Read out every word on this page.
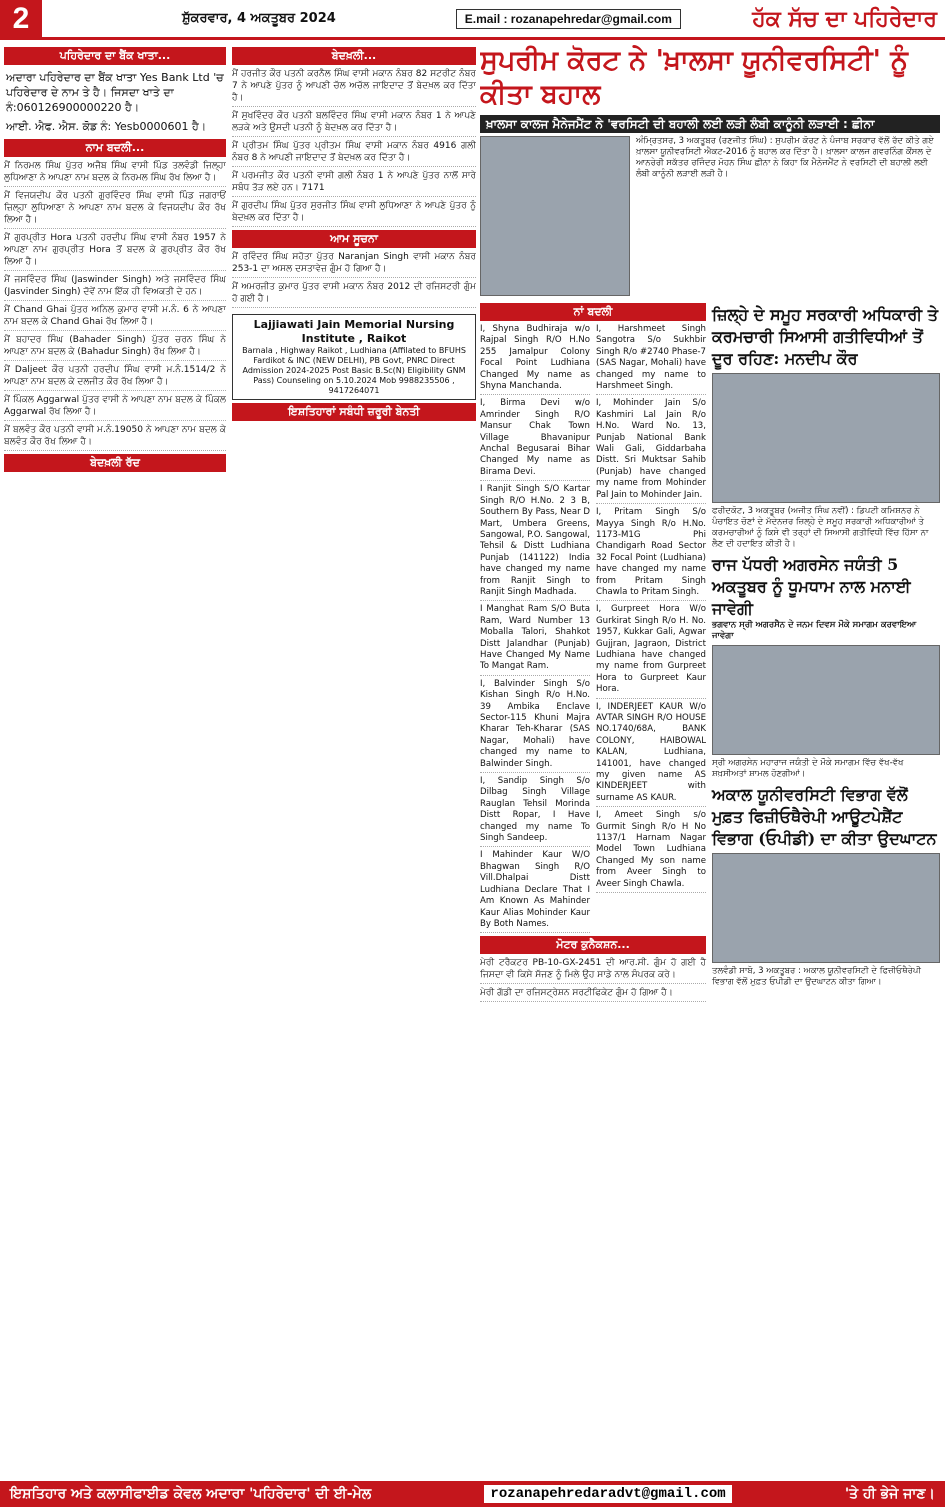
2	ਸ਼ੁੱਕਰਵਾਰ, 4 ਅਕਤੂਬਰ 2024	E.mail : rozanapehredar@gmail.com	ਹੱਕ ਸੱਚ ਦਾ ਪਹਿਰੇਦਾਰ
ਪਹਿਰੇਦਾਰ ਦਾ ਬੈਂਕ ਖਾਤਾ...
ਅਦਾਰਾ ਪਹਿਰੇਦਾਰ ਦਾ ਬੈਂਕ ਖਾਤਾ Yes Bank Ltd 'ਚ ਪਹਿਰੇਦਾਰ ਦੇ ਨਾਮ ਤੇ ਹੈ। ਜਿਸਦਾ ਖਾਤੇ ਦਾ ਨੰ:060126900000220 ਹੈ।
ਆਈ. ਐਫ. ਐਸ. ਕੋਡ ਨੰ: Yesb0000601 ਹੈ।
ਨਾਮ ਬਦਲੀ...
ਮੈਂ ਨਿਰਮਲ ਸਿੰਘ ਪੁੱਤਰ ਅਜੈਬ ਸਿੰਘ ਵਾਸੀ ਪਿੰਡ ਤਲਵੰਡੀ ਜਿਲ੍ਹਾ ਲੁਧਿਆਣਾ ਨੇ ਆਪਣਾ ਨਾਮ ਬਦਲ ਕੇ ਨਿਰਮਲ ਸਿੰਘ ਰੱਖ ਲਿਆ ਹੈ।
ਮੈਂ ਵਿਜਯਦੀਪ ਕੌਰ ਪਤਨੀ ਗੁਰਵਿੰਦਰ ਸਿੰਘ ਵਾਸੀ ਪਿੰਡ ਜਗਰਾਓਂ ਜ਼ਿਲ੍ਹਾ ਲੁਧਿਆਣਾ ਨੇ ਆਪਣਾ ਨਾਮ ਬਦਲ ਕੇ ਵਿਜਯਦੀਪ ਕੌਰ ਰੱਖ ਲਿਆ ਹੈ।
ਮੈਂ ਗੁਰਪ੍ਰੀਤ Hora ਪਤਨੀ ਹਰਦੀਪ ਸਿੰਘ ਵਾਸੀ ਨੰਬਰ 1957 ਨੇ ਆਪਣਾ ਨਾਮ ਗੁਰਪ੍ਰੀਤ Hora ਤੋਂ ਬਦਲ ਕੇ ਗੁਰਪ੍ਰੀਤ ਕੌਰ ਰੱਖ ਲਿਆ ਹੈ।
ਮੈਂ ਜਸਵਿੰਦਰ ਸਿੰਘ (Jaswinder Singh) ਅਤੇ ਜਸਵਿੰਦਰ ਸਿੰਘ (Jasvinder Singh) ਦੋਵੇਂ ਨਾਮ ਇੱਕ ਹੀ ਵਿਅਕਤੀ ਦੇ ਹਨ।
ਮੈਂ Chand Ghai ਪੁੱਤਰ ਅਨਿਲ ਕੁਮਾਰ ਵਾਸੀ ਮ.ਨੰ. 6 ਨੇ ਆਪਣਾ ਨਾਮ ਬਦਲ ਕੇ Chand Ghai ਰੱਖ ਲਿਆ ਹੈ।
ਮੈਂ ਬਹਾਦਰ ਸਿੰਘ (Bahader Singh) ਪੁੱਤਰ ਚਰਨ ਸਿੰਘ ਨੇ ਆਪਣਾ ਨਾਮ ਬਦਲ ਕੇ (Bahadur Singh) ਰੱਖ ਲਿਆ ਹੈ।
ਮੈਂ Daljeet ਕੌਰ ਪਤਨੀ ਹਰਦੀਪ ਸਿੰਘ ਵਾਸੀ ਮ.ਨੰ.1514/2 ਨੇ ਆਪਣਾ ਨਾਮ ਬਦਲ ਕੇ ਦਲਜੀਤ ਕੌਰ ਰੱਖ ਲਿਆ ਹੈ।
ਮੈਂ ਪਿੰਕਲ Aggarwal ਪੁੱਤਰ ਵਾਸੀ ਨੇ ਆਪਣਾ ਨਾਮ ਬਦਲ ਕੇ ਪਿੰਕਲ Aggarwal ਰੱਖ ਲਿਆ ਹੈ।
ਮੈਂ ਬਲਵੰਤ ਕੌਰ ਪਤਨੀ ਵਾਸੀ ਮ.ਨੰ.19050 ਨੇ ਆਪਣਾ ਨਾਮ ਬਦਲ ਕੇ ਬਲਵੰਤ ਕੌਰ ਰੱਖ ਲਿਆ ਹੈ।
ਬੇਦਖ਼ਲੀ ਰੱਦ
ਬੇਦਖ਼ਲੀ...
ਮੈਂ ਹਰਜੀਤ ਕੌਰ ਪਤਨੀ ਕਰਨੈਲ ਸਿੰਘ ਵਾਸੀ ਮਕਾਨ ਨੰਬਰ 82 ਸਟਰੀਟ ਨੰਬਰ 7 ਨੇ ਆਪਣੇ ਪੁੱਤਰ ਨੂੰ ਆਪਣੀ ਚੱਲ ਅਚੱਲ ਜਾਇਦਾਦ ਤੋਂ ਬੇਦਖ਼ਲ ਕਰ ਦਿੱਤਾ ਹੈ।
ਮੈਂ ਸੁਖਵਿੰਦਰ ਕੌਰ ਪਤਨੀ ਬਲਵਿੰਦਰ ਸਿੰਘ ਵਾਸੀ ਮਕਾਨ ਨੰਬਰ 1 ਨੇ ਆਪਣੇ ਲੜਕੇ ਅਤੇ ਉਸਦੀ ਪਤਨੀ ਨੂੰ ਬੇਦਖ਼ਲ ਕਰ ਦਿੱਤਾ ਹੈ।
ਮੈਂ ਪ੍ਰੀਤਮ ਸਿੰਘ ਪੁੱਤਰ ਪ੍ਰੀਤਮ ਸਿੰਘ ਵਾਸੀ ਮਕਾਨ ਨੰਬਰ 4916 ਗਲੀ ਨੰਬਰ 8 ਨੇ ਆਪਣੀ ਜਾਇਦਾਦ ਤੋਂ ਬੇਦਖ਼ਲ ਕਰ ਦਿੱਤਾ ਹੈ।
ਮੈਂ ਪਰਮਜੀਤ ਕੌਰ ਪਤਨੀ ਵਾਸੀ ਗਲੀ ਨੰਬਰ 1 ਨੇ ਆਪਣੇ ਪੁੱਤਰ ਨਾਲੋਂ ਸਾਰੇ ਸਬੰਧ ਤੋੜ ਲਏ ਹਨ। 7171
ਮੈਂ ਗੁਰਦੀਪ ਸਿੰਘ ਪੁੱਤਰ ਸੁਰਜੀਤ ਸਿੰਘ ਵਾਸੀ ਲੁਧਿਆਣਾ ਨੇ ਆਪਣੇ ਪੁੱਤਰ ਨੂੰ ਬੇਦਖ਼ਲ ਕਰ ਦਿੱਤਾ ਹੈ।
ਆਮ ਸੂਚਨਾ
ਮੈਂ ਰਵਿੰਦਰ ਸਿੰਘ ਸਹੋਤਾ ਪੁੱਤਰ Naranjan Singh ਵਾਸੀ ਮਕਾਨ ਨੰਬਰ 253-1 ਦਾ ਅਸਲ ਦਸਤਾਵੇਜ਼ ਗੁੰਮ ਹੋ ਗਿਆ ਹੈ।
ਮੈਂ ਅਮਰਜੀਤ ਕੁਮਾਰ ਪੁੱਤਰ ਵਾਸੀ ਮਕਾਨ ਨੰਬਰ 2012 ਦੀ ਰਜਿਸਟਰੀ ਗੁੰਮ ਹੋ ਗਈ ਹੈ।
Lajjiawati Jain Memorial Nursing Institute , Raikot
Barnala , Highway Raikot , Ludhiana (Affilated to BFUHS Fardikot & INC (NEW DELHI), PB Govt, PNRC Direct Admission 2024-2025 Post Basic B.Sc(N) Eligibility GNM Pass) Counseling on 5.10.2024 Mob 9988235506 , 9417264071
ਇਸ਼ਤਿਹਾਰਾਂ ਸਬੰਧੀ ਜ਼ਰੂਰੀ ਬੇਨਤੀ
ਸੁਪਰੀਮ ਕੋਰਟ ਨੇ 'ਖ਼ਾਲਸਾ ਯੂਨੀਵਰਸਿਟੀ' ਨੂੰ ਕੀਤਾ ਬਹਾਲ
ਖ਼ਾਲਸਾ ਕਾਲਜ ਮੈਨੇਜਮੈਂਟ ਨੇ 'ਵਰਸਿਟੀ ਦੀ ਬਹਾਲੀ ਲਈ ਲੜੀ ਲੰਬੀ ਕਾਨੂੰਨੀ ਲੜਾਈ : ਛੀਨਾ
ਅੰਮ੍ਰਿਤਸਰ, 3 ਅਕਤੂਬਰ (ਰਣਜੀਤ ਸਿੰਘ) : ਸੁਪਰੀਮ ਕੋਰਟ ਨੇ ਪੰਜਾਬ ਸਰਕਾਰ ਵੱਲੋਂ ਰੱਦ ਕੀਤੇ ਗਏ ਖ਼ਾਲਸਾ ਯੂਨੀਵਰਸਿਟੀ ਐਕਟ-2016 ਨੂੰ ਬਹਾਲ ਕਰ ਦਿੱਤਾ ਹੈ। ਖ਼ਾਲਸਾ ਕਾਲਜ ਗਵਰਨਿੰਗ ਕੌਂਸਲ ਦੇ ਆਨਰੇਰੀ ਸਕੱਤਰ ਰਜਿੰਦਰ ਮੋਹਨ ਸਿੰਘ ਛੀਨਾ ਨੇ ਕਿਹਾ ਕਿ ਮੈਨੇਜਮੈਂਟ ਨੇ ਵਰਸਿਟੀ ਦੀ ਬਹਾਲੀ ਲਈ ਲੰਬੀ ਕਾਨੂੰਨੀ ਲੜਾਈ ਲੜੀ ਹੈ।
ਨਾਂ ਬਦਲੀ
I, Shyna Budhiraja w/o Rajpal Singh R/O H.No 255 Jamalpur Colony Focal Point Ludhiana Changed My name as Shyna Manchanda.
I, Birma Devi w/o Amrinder Singh R/O Mansur Chak Town Village Bhavanipur Anchal Begusarai Bihar Changed My name as Birama Devi.
I Ranjit Singh S/O Kartar Singh R/O H.No. 2 3 B, Southern By Pass, Near D Mart, Umbera Greens, Sangowal, P.O. Sangowal, Tehsil & Distt Ludhiana Punjab (141122) India have changed my name from Ranjit Singh to Ranjit Singh Madhada.
I Manghat Ram S/O Buta Ram, Ward Number 13 Moballa Talori, Shahkot Distt Jalandhar (Punjab) Have Changed My Name To Mangat Ram.
I, Balvinder Singh S/o Kishan Singh R/o H.No. 39 Ambika Enclave Sector-115 Khuni Majra Kharar Teh-Kharar (SAS Nagar, Mohali) have changed my name to Balwinder Singh.
I, Sandip Singh S/o Dilbag Singh Village Rauglan Tehsil Morinda Distt Ropar, I Have changed my name To Singh Sandeep.
I Mahinder Kaur W/O Bhagwan Singh R/O Vill.Dhalpai Distt Ludhiana Declare That I Am Known As Mahinder Kaur Alias Mohinder Kaur By Both Names.
I, Harshmeet Singh Sangotra S/o Sukhbir Singh R/o #2740 Phase-7 (SAS Nagar, Mohali) have changed my name to Harshmeet Singh.
I, Mohinder Jain S/o Kashmiri Lal Jain R/o H.No. Ward No. 13, Punjab National Bank Wali Gali, Giddarbaha Distt. Sri Muktsar Sahib (Punjab) have changed my name from Mohinder Pal Jain to Mohinder Jain.
I, Pritam Singh S/o Mayya Singh R/o H.No. 1173-M1G Phi Chandigarh Road Sector 32 Focal Point (Ludhiana) have changed my name from Pritam Singh Chawla to Pritam Singh.
I, Gurpreet Hora W/o Gurkirat Singh R/o H. No. 1957, Kukkar Gali, Agwar Gujjran, Jagraon, District Ludhiana have changed my name from Gurpreet Hora to Gurpreet Kaur Hora.
I, INDERJEET KAUR W/o AVTAR SINGH R/O HOUSE NO.1740/68A, BANK COLONY, HAIBOWAL KALAN, Ludhiana, 141001, have changed my given name AS KINDERJEET with surname AS KAUR.
I, Ameet Singh s/o Gurmit Singh R/o H No 1137/1 Harnam Nagar Model Town Ludhiana Changed My son name from Aveer Singh to Aveer Singh Chawla.
ਮੋਟਰ ਕੁਨੈਕਸ਼ਨ...
ਮੇਰੀ ਟਰੈਕਟਰ PB-10-GX-2451 ਦੀ ਆਰ.ਸੀ. ਗੁੰਮ ਹੋ ਗਈ ਹੈ ਜਿਸਦਾ ਵੀ ਕਿਸੇ ਸੱਜਣ ਨੂੰ ਮਿਲੇ ਉਹ ਸਾਡੇ ਨਾਲ ਸੰਪਰਕ ਕਰੇ।
ਮੇਰੀ ਗੱਡੀ ਦਾ ਰਜਿਸਟ੍ਰੇਸ਼ਨ ਸਰਟੀਫਿਕੇਟ ਗੁੰਮ ਹੋ ਗਿਆ ਹੈ।
ਜ਼ਿਲ੍ਹੇ ਦੇ ਸਮੂਹ ਸਰਕਾਰੀ ਅਧਿਕਾਰੀ ਤੇ ਕਰਮਚਾਰੀ ਸਿਆਸੀ ਗਤੀਵਿਧੀਆਂ ਤੋਂ ਦੂਰ ਰਹਿਣ: ਮਨਦੀਪ ਕੌਰ
ਫਰੀਦਕੋਟ, 3 ਅਕਤੂਬਰ (ਅਜੀਤ ਸਿੰਘ ਨਵੀਂ) : ਡਿਪਟੀ ਕਮਿਸ਼ਨਰ ਨੇ ਪੰਚਾਇਤ ਚੋਣਾਂ ਦੇ ਮੱਦੇਨਜ਼ਰ ਜ਼ਿਲ੍ਹੇ ਦੇ ਸਮੂਹ ਸਰਕਾਰੀ ਅਧਿਕਾਰੀਆਂ ਤੇ ਕਰਮਚਾਰੀਆਂ ਨੂੰ ਕਿਸੇ ਵੀ ਤਰ੍ਹਾਂ ਦੀ ਸਿਆਸੀ ਗਤੀਵਿਧੀ ਵਿੱਚ ਹਿੱਸਾ ਨਾ ਲੈਣ ਦੀ ਹਦਾਇਤ ਕੀਤੀ ਹੈ।
ਰਾਜ ਪੱਧਰੀ ਅਗਰਸੇਨ ਜਯੰਤੀ 5 ਅਕਤੂਬਰ ਨੂੰ ਧੂਮਧਾਮ ਨਾਲ ਮਨਾਈ ਜਾਵੇਗੀ
ਭਗਵਾਨ ਸ੍ਰੀ ਅਗਰਸੈਨ ਦੇ ਜਨਮ ਦਿਵਸ ਮੌਕੇ ਸਮਾਗਮ ਕਰਵਾਇਆ ਜਾਵੇਗਾ
ਸ੍ਰੀ ਅਗਰਸੇਨ ਮਹਾਰਾਜ ਜਯੰਤੀ ਦੇ ਮੌਕੇ ਸਮਾਗਮ ਵਿੱਚ ਵੱਖ-ਵੱਖ ਸ਼ਖ਼ਸੀਅਤਾਂ ਸ਼ਾਮਲ ਹੋਣਗੀਆਂ।
ਅਕਾਲ ਯੂਨੀਵਰਸਿਟੀ ਵਿਭਾਗ ਵੱਲੋਂ ਮੁਫ਼ਤ ਫਿਜ਼ੀਓਥੈਰੇਪੀ ਆਊਟਪੇਸ਼ੈਂਟ ਵਿਭਾਗ (ਓਪੀਡੀ) ਦਾ ਕੀਤਾ ਉਦਘਾਟਨ
ਤਲਵੰਡੀ ਸਾਬੋ, 3 ਅਕਤੂਬਰ : ਅਕਾਲ ਯੂਨੀਵਰਸਿਟੀ ਦੇ ਫਿਜ਼ੀਓਥੈਰੇਪੀ ਵਿਭਾਗ ਵੱਲੋਂ ਮੁਫ਼ਤ ਓਪੀਡੀ ਦਾ ਉਦਘਾਟਨ ਕੀਤਾ ਗਿਆ।
ਇਸ਼ਤਿਹਾਰ ਅਤੇ ਕਲਾਸੀਫਾਈਡ ਕੇਵਲ ਅਦਾਰਾ 'ਪਹਿਰੇਦਾਰ' ਦੀ ਈ-ਮੇਲ	rozanapehredaradvt@gmail.com	'ਤੇ ਹੀ ਭੇਜੇ ਜਾਣ।
